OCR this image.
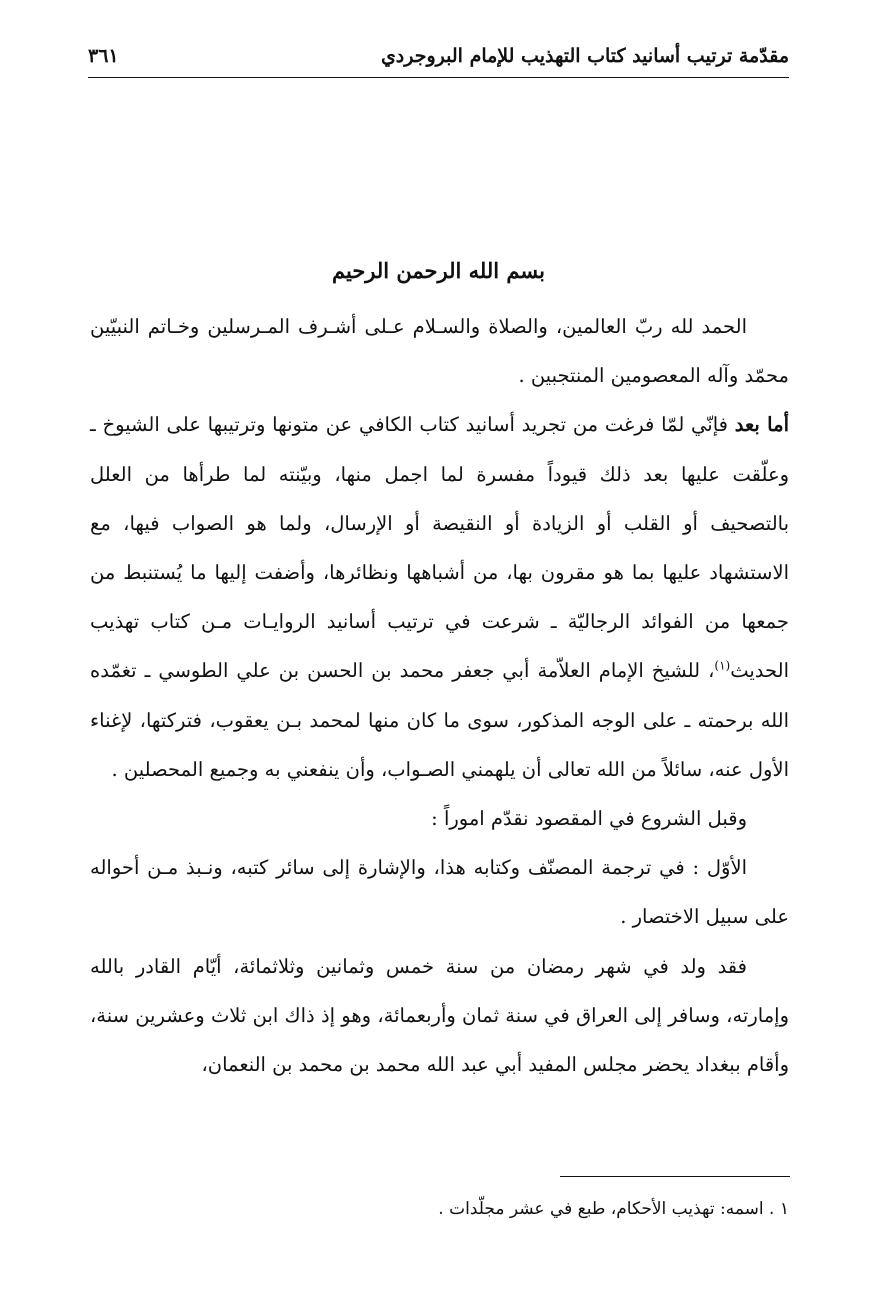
مقدّمة ترتيب أسانيد كتاب التهذيب للإمام البروجردي
٣٦١
بسم الله الرحمن الرحيم

الحمد لله ربّ العالمين، والصلاة والسـلام عـلى أشـرف المـرسلين وخـاتم النبيّين محمّد وآله المعصومين المنتجبين .

أما بعد فإنّي لمّا فرغت من تجريد أسانيد كتاب الكافي عن متونها وترتيبها على الشيوخ ـ وعلّقت عليها بعد ذلك قيوداً مفسرة لما اجمل منها، وبيّنته لما طرأها من العلل بالتصحيف أو القلب أو الزيادة أو النقيصة أو الإرسال، ولما هو الصواب فيها، مع الاستشهاد عليها بما هو مقرون بها، من أشباهها ونظائرها، وأضفت إليها ما يُستنبط من جمعها من الفوائد الرجاليّة ـ شرعت في ترتيب أسانيد الروايـات مـن كتاب تهذيب الحديث$^{(١)}$، للشيخ الإمام العلاّمة أبي جعفر محمد بن الحسن بن علي الطوسي ـ تغمّده الله برحمته ـ على الوجه المذكور، سوى ما كان منها لمحمد بـن يعقوب، فتركتها، لإغناء الأول عنه، سائلاً من الله تعالى أن يلهمني الصـواب، وأن ينفعني به وجميع المحصلين .

وقبل الشروع في المقصود نقدّم اموراً :

الأوّل : في ترجمة المصنّف وكتابه هذا، والإشارة إلى سائر كتبه، ونـبذ مـن أحواله على سبيل الاختصار .

فقد ولد في شهر رمضان من سنة خمس وثمانين وثلاثمائة، أيّام القادر بالله وإمارته، وسافر إلى العراق في سنة ثمان وأربعمائة، وهو إذ ذاك ابن ثلاث وعشرين سنة، وأقام ببغداد يحضر مجلس المفيد أبي عبد الله محمد بن محمد بن النعمان،

١ . اسمه: تهذيب الأحكام، طبع في عشر مجلّدات .
